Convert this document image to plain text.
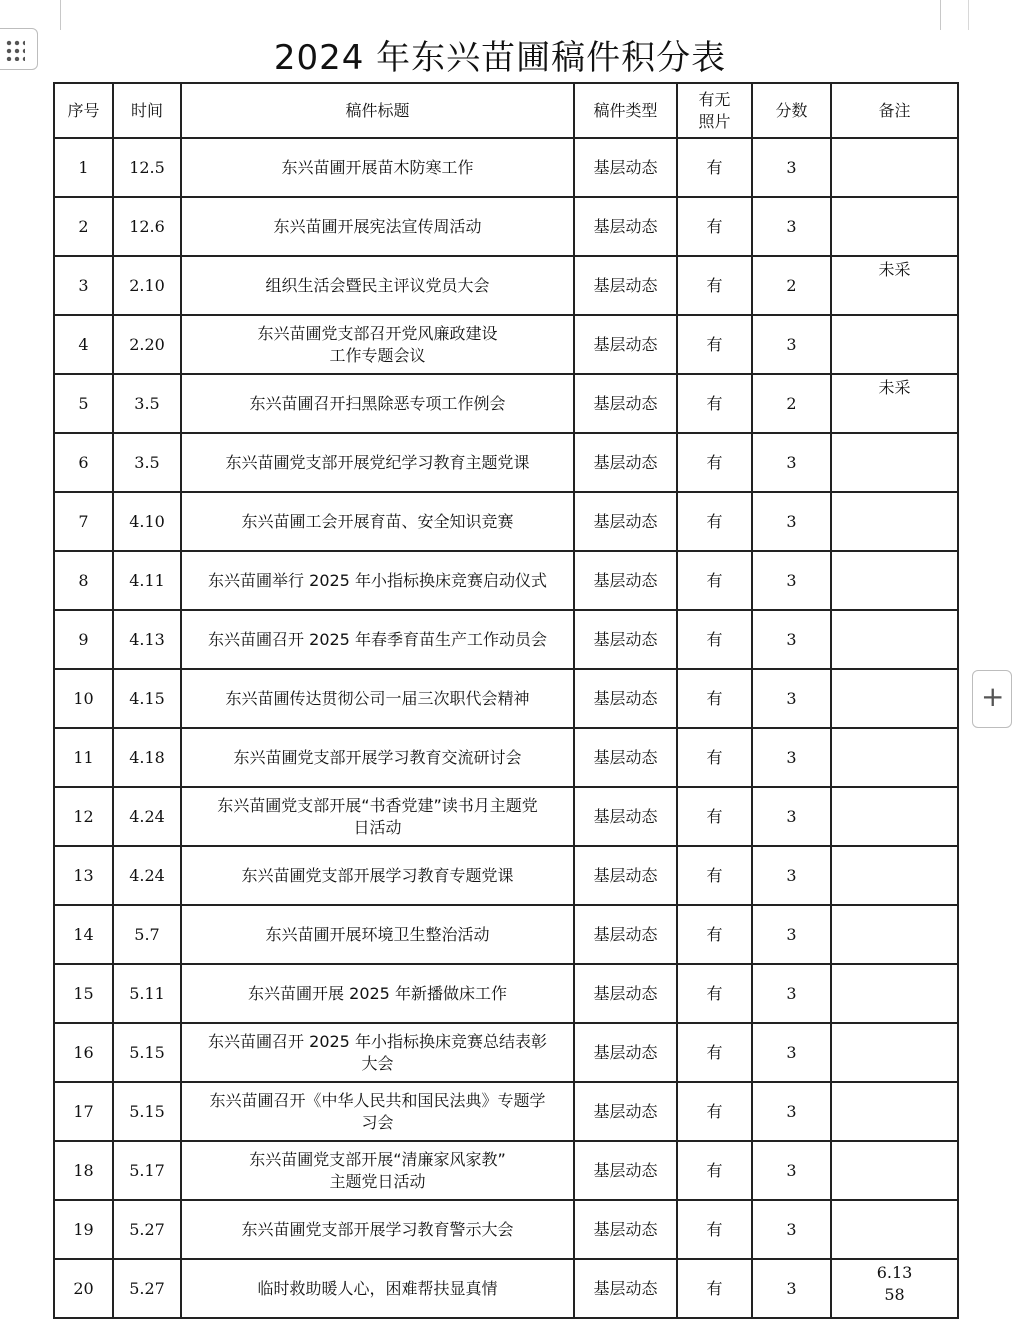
+
2024 年东兴苗圃稿件积分表
序号	时间	稿件标题	稿件类型	有无
照片	分数	备注
1	12.5	东兴苗圃开展苗木防寒工作	基层动态	有	3	
2	12.6	东兴苗圃开展宪法宣传周活动	基层动态	有	3	
3	2.10	组织生活会暨民主评议党员大会	基层动态	有	2	未采

4	2.20	东兴苗圃党支部召开党风廉政建设
工作专题会议	基层动态	有	3	
5	3.5	东兴苗圃召开扫黑除恶专项工作例会	基层动态	有	2	未采

6	3.5	东兴苗圃党支部开展党纪学习教育主题党课	基层动态	有	3	
7	4.10	东兴苗圃工会开展育苗、安全知识竞赛	基层动态	有	3	
8	4.11	东兴苗圃举行 2025 年小指标换床竞赛启动仪式	基层动态	有	3	
9	4.13	东兴苗圃召开 2025 年春季育苗生产工作动员会	基层动态	有	3	
10	4.15	东兴苗圃传达贯彻公司一届三次职代会精神	基层动态	有	3	
11	4.18	东兴苗圃党支部开展学习教育交流研讨会	基层动态	有	3	
12	4.24	东兴苗圃党支部开展“书香党建”读书月主题党
日活动	基层动态	有	3	
13	4.24	东兴苗圃党支部开展学习教育专题党课	基层动态	有	3	
14	5.7	东兴苗圃开展环境卫生整治活动	基层动态	有	3	
15	5.11	东兴苗圃开展 2025 年新播做床工作	基层动态	有	3	
16	5.15	东兴苗圃召开 2025 年小指标换床竞赛总结表彰
大会	基层动态	有	3	
17	5.15	东兴苗圃召开《中华人民共和国民法典》专题学
习会	基层动态	有	3	
18	5.17	东兴苗圃党支部开展“清廉家风家教”
主题党日活动	基层动态	有	3	
19	5.27	东兴苗圃党支部开展学习教育警示大会	基层动态	有	3	
20	5.27	临时救助暖人心，困难帮扶显真情	基层动态	有	3	6.13
58
